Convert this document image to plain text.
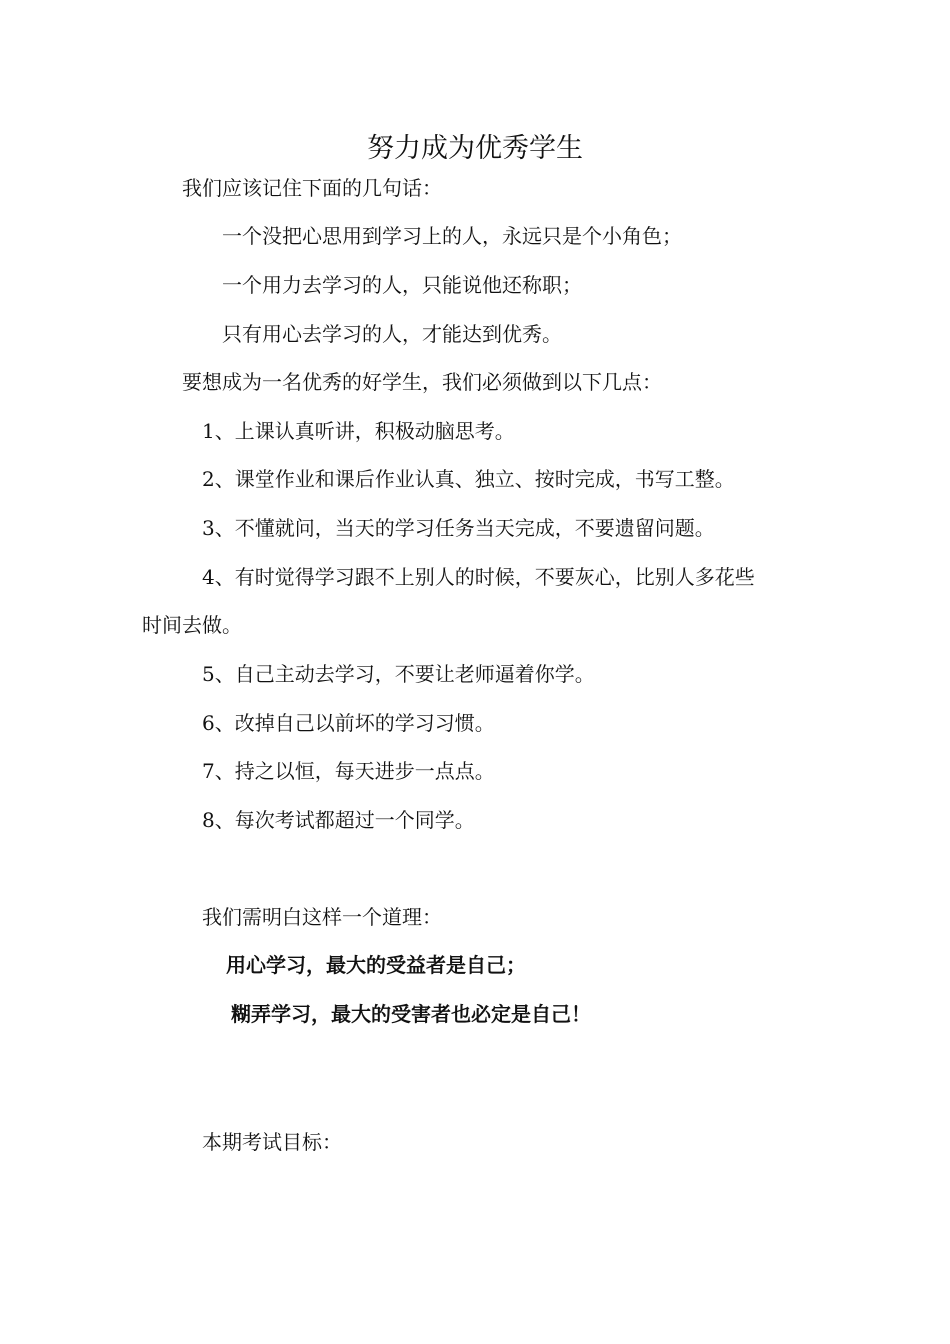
努力成为优秀学生
我们应该记住下面的几句话：
一个没把心思用到学习上的人，永远只是个小角色；
一个用力去学习的人，只能说他还称职；
只有用心去学习的人，才能达到优秀。
要想成为一名优秀的好学生，我们必须做到以下几点：
1、上课认真听讲，积极动脑思考。
2、课堂作业和课后作业认真、独立、按时完成，书写工整。
3、不懂就问，当天的学习任务当天完成，不要遗留问题。
4、有时觉得学习跟不上别人的时候，不要灰心，比别人多花些
时间去做。
5、自己主动去学习，不要让老师逼着你学。
6、改掉自己以前坏的学习习惯。
7、持之以恒，每天进步一点点。
8、每次考试都超过一个同学。
我们需明白这样一个道理：
用心学习，最大的受益者是自己；
糊弄学习，最大的受害者也必定是自己！
本期考试目标：
